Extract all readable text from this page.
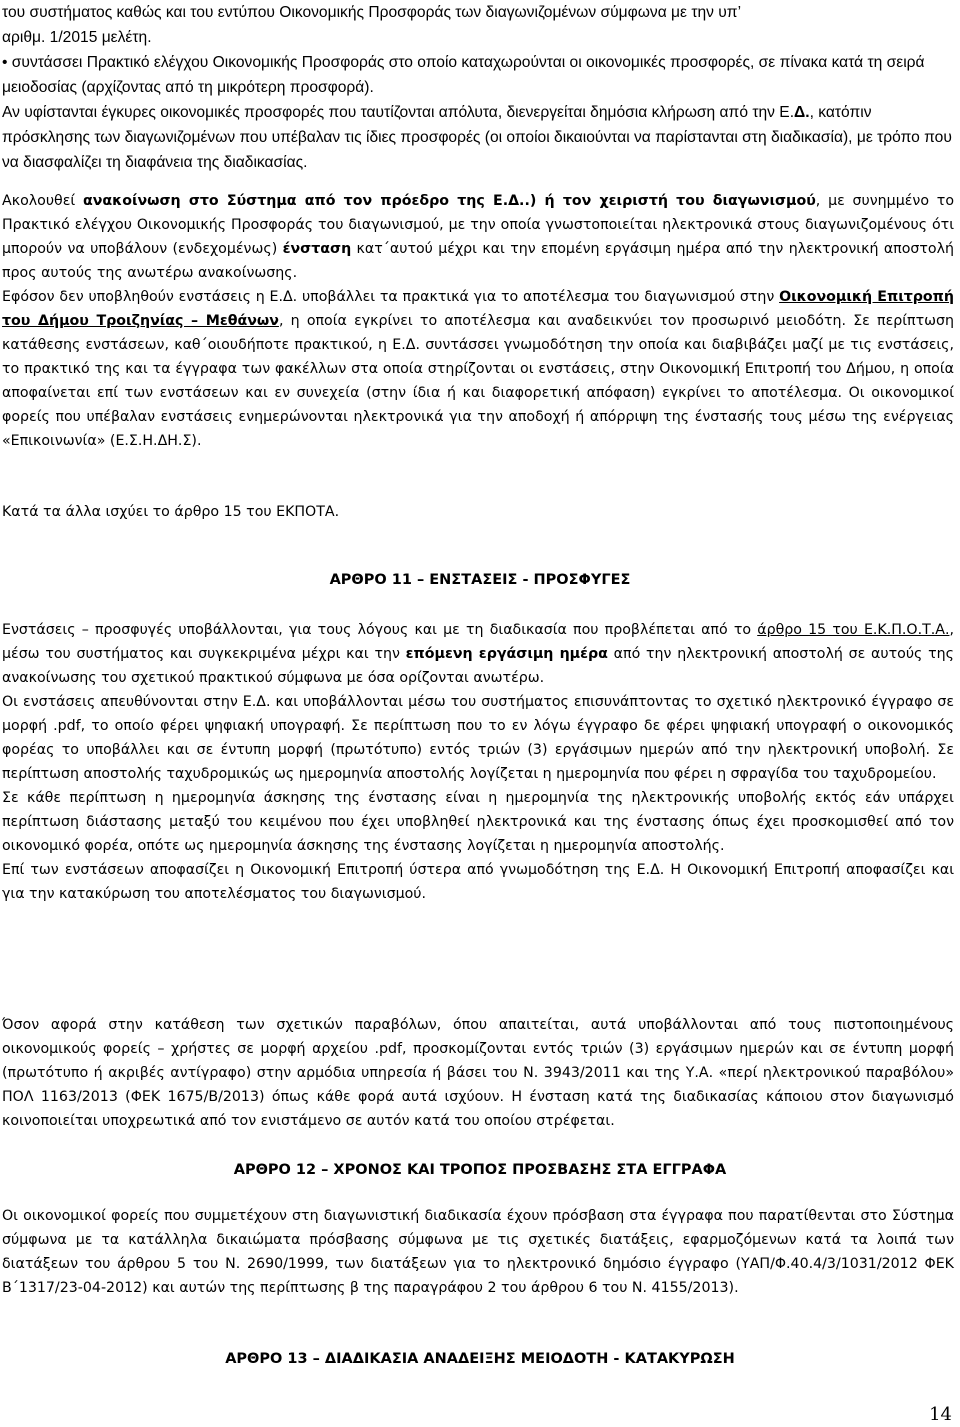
του συστήματος καθώς και του εντύπου Οικονομικής Προσφοράς των διαγωνιζομένων σύμφωνα με την υπ’

αριθμ. 1/2015 μελέτη.

• συντάσσει Πρακτικό ελέγχου Οικονομικής Προσφοράς στο οποίο καταχωρούνται οι οικονομικές προσφορές, σε πίνακα κατά τη σειρά μειοδοσίας (αρχίζοντας από τη μικρότερη προσφορά).

Αν υφίστανται έγκυρες οικονομικές προσφορές που ταυτίζονται απόλυτα, διενεργείται δημόσια κλήρωση από την Ε.Δ., κατόπιν πρόσκλησης των διαγωνιζομένων που υπέβαλαν τις ίδιες προσφορές (οι οποίοι δικαιούνται να παρίστανται στη διαδικασία), με τρόπο που να διασφαλίζει τη διαφάνεια της διαδικασίας.

Ακολουθεί ανακοίνωση στο Σύστημα από τον πρόεδρο της Ε.Δ..) ή τον χειριστή του διαγωνισμού, με συνημμένο το Πρακτικό ελέγχου Οικονομικής Προσφοράς του διαγωνισμού, με την οποία γνωστοποιείται ηλεκτρονικά στους διαγωνιζομένους ότι μπορούν να υποβάλουν (ενδεχομένως) ένσταση κατ΄αυτού μέχρι και την επομένη εργάσιμη ημέρα από την ηλεκτρονική αποστολή προς αυτούς της ανωτέρω ανακοίνωσης.

Εφόσον δεν υποβληθούν ενστάσεις η Ε.Δ. υποβάλλει τα πρακτικά για το αποτέλεσμα του διαγωνισμού στην Οικονομική Επιτροπή του Δήμου Τροιζηνίας – Μεθάνων, η οποία εγκρίνει το αποτέλεσμα και αναδεικνύει τον προσωρινό μειοδότη. Σε περίπτωση κατάθεσης ενστάσεων, καθ΄οιουδήποτε πρακτικού, η Ε.Δ. συντάσσει γνωμοδότηση την οποία και διαβιβάζει μαζί με τις ενστάσεις, το πρακτικό της και τα έγγραφα των φακέλλων στα οποία στηρίζονται οι ενστάσεις, στην Οικονομική Επιτροπή του Δήμου, η οποία αποφαίνεται επί των ενστάσεων και εν συνεχεία (στην ίδια ή και διαφορετική απόφαση) εγκρίνει το αποτέλεσμα. Οι οικονομικοί φορείς που υπέβαλαν ενστάσεις ενημερώνονται ηλεκτρονικά για την αποδοχή ή απόρριψη της ένστασής τους μέσω της ενέργειας «Επικοινωνία» (Ε.Σ.Η.ΔΗ.Σ).

Κατά τα άλλα ισχύει το άρθρο 15 του ΕΚΠΟΤΑ.

ΑΡΘΡΟ 11 – ΕΝΣΤΑΣΕΙΣ - ΠΡΟΣΦΥΓΕΣ

Ενστάσεις – προσφυγές υποβάλλονται, για τους λόγους και με τη διαδικασία που προβλέπεται από το άρθρο 15 του Ε.Κ.Π.Ο.Τ.Α., μέσω του συστήματος και συγκεκριμένα μέχρι και την επόμενη εργάσιμη ημέρα από την ηλεκτρονική αποστολή σε αυτούς της ανακοίνωσης του σχετικού πρακτικού σύμφωνα με όσα ορίζονται ανωτέρω.

Οι ενστάσεις απευθύνονται στην Ε.Δ. και υποβάλλονται μέσω του συστήματος επισυνάπτοντας το σχετικό ηλεκτρονικό έγγραφο σε μορφή .pdf, το οποίο φέρει ψηφιακή υπογραφή. Σε περίπτωση που το εν λόγω έγγραφο δε φέρει ψηφιακή υπογραφή ο οικονομικός φορέας το υποβάλλει και σε έντυπη μορφή (πρωτότυπο) εντός τριών (3) εργάσιμων ημερών από την ηλεκτρονική υποβολή. Σε περίπτωση αποστολής ταχυδρομικώς ως ημερομηνία αποστολής λογίζεται η ημερομηνία που φέρει η σφραγίδα του ταχυδρομείου.

Σε κάθε περίπτωση η ημερομηνία άσκησης της ένστασης είναι η ημερομηνία της ηλεκτρονικής υποβολής εκτός εάν υπάρχει περίπτωση διάστασης μεταξύ του κειμένου που έχει υποβληθεί ηλεκτρονικά και της ένστασης όπως έχει προσκομισθεί από τον οικονομικό φορέα, οπότε ως ημερομηνία άσκησης της ένστασης λογίζεται η ημερομηνία αποστολής.

Επί των ενστάσεων αποφασίζει η Οικονομική Επιτροπή ύστερα από γνωμοδότηση της Ε.Δ. Η Οικονομική Επιτροπή αποφασίζει και για την κατακύρωση του αποτελέσματος του διαγωνισμού.

Όσον αφορά στην κατάθεση των σχετικών παραβόλων, όπου απαιτείται, αυτά υποβάλλονται από τους πιστοποιημένους οικονομικούς φορείς – χρήστες σε μορφή αρχείου .pdf, προσκομίζονται εντός τριών (3) εργάσιμων ημερών και σε έντυπη μορφή (πρωτότυπο ή ακριβές αντίγραφο) στην αρμόδια υπηρεσία ή βάσει του Ν. 3943/2011 και της Υ.Α. «περί ηλεκτρονικού παραβόλου» ΠΟΛ 1163/2013 (ΦΕΚ 1675/Β/2013) όπως κάθε φορά αυτά ισχύουν. Η ένσταση κατά της διαδικασίας κάποιου στον διαγωνισμό κοινοποιείται υποχρεωτικά από τον ενιστάμενο σε αυτόν κατά του οποίου στρέφεται.

ΑΡΘΡΟ 12 – ΧΡΟΝΟΣ ΚΑΙ ΤΡΟΠΟΣ ΠΡΟΣΒΑΣΗΣ ΣΤΑ ΕΓΓΡΑΦΑ

Οι οικονομικοί φορείς που συμμετέχουν στη διαγωνιστική διαδικασία έχουν πρόσβαση στα έγγραφα που παρατίθενται στο Σύστημα σύμφωνα με τα κατάλληλα δικαιώματα πρόσβασης σύμφωνα με τις σχετικές διατάξεις, εφαρμοζόμενων κατά τα λοιπά των διατάξεων του άρθρου 5 του Ν. 2690/1999, των διατάξεων για το ηλεκτρονικό δημόσιο έγγραφο (ΥΑΠ/Φ.40.4/3/1031/2012 ΦΕΚ Β΄1317/23-04-2012) και αυτών της περίπτωσης β της παραγράφου 2 του άρθρου 6 του Ν. 4155/2013).

ΑΡΘΡΟ 13 – ΔΙΑΔΙΚΑΣΙΑ ΑΝΑΔΕΙΞΗΣ ΜΕΙΟΔΟΤΗ - ΚΑΤΑΚΥΡΩΣΗ
14
